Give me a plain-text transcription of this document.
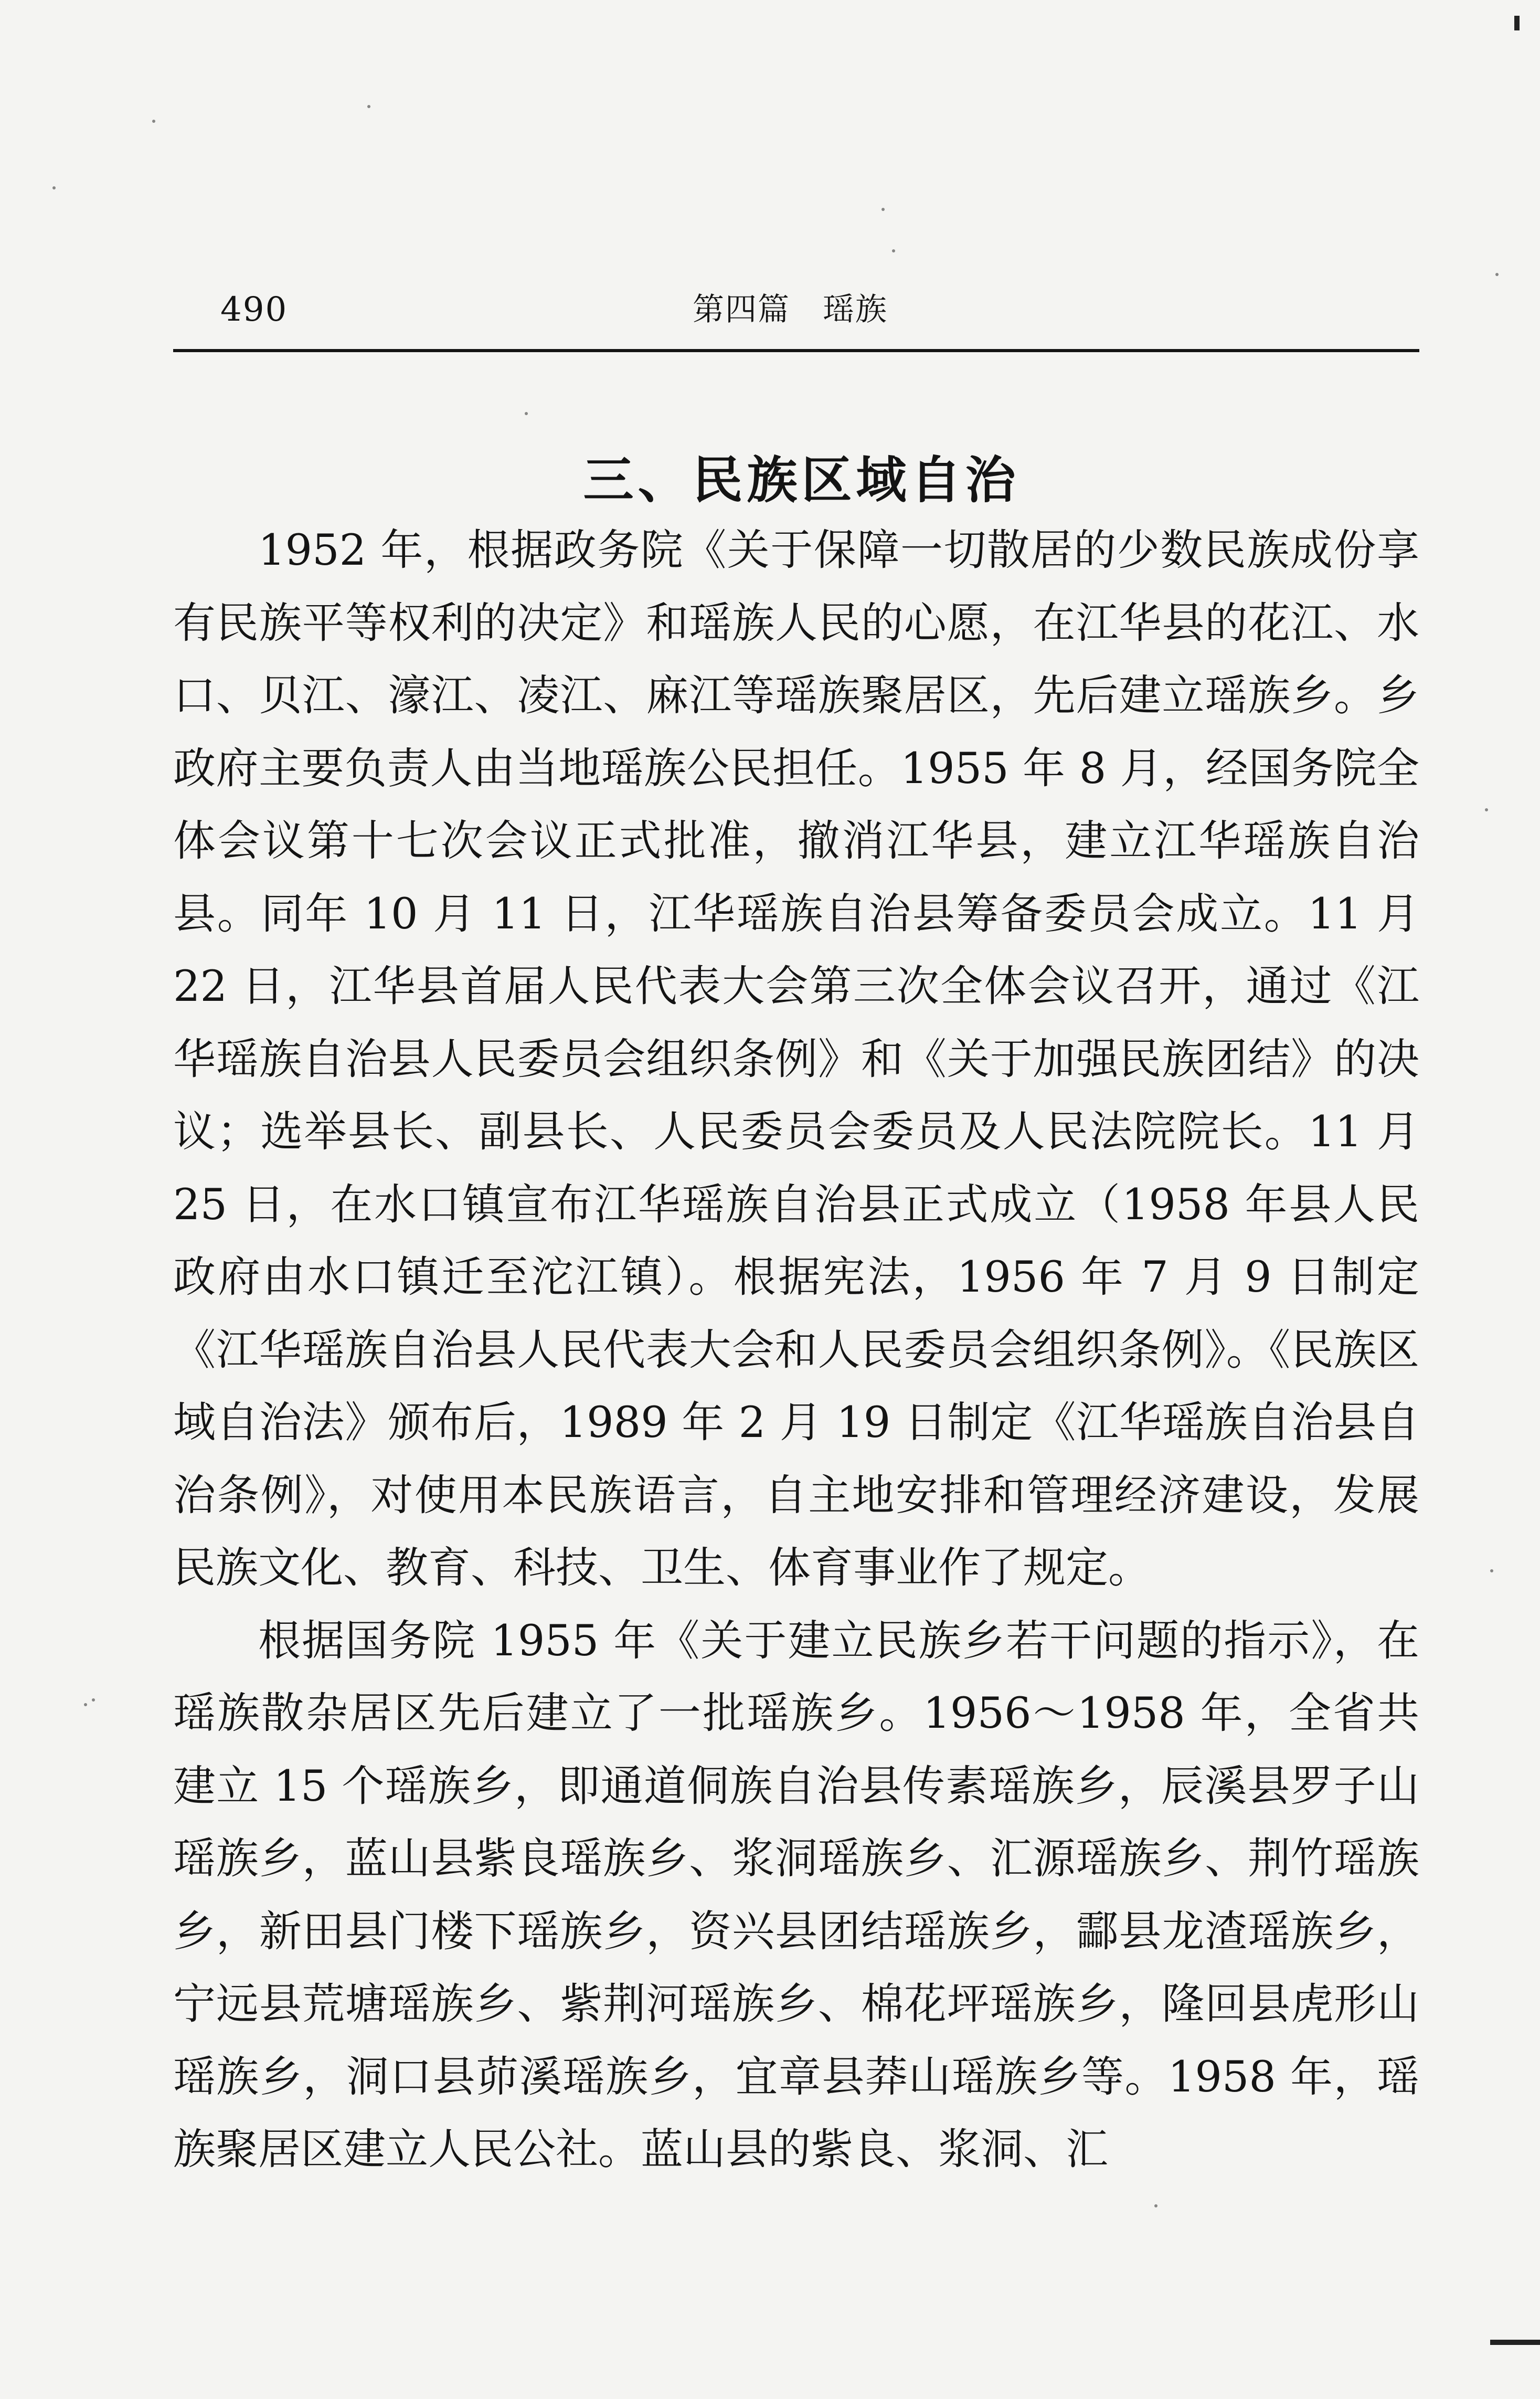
490	第四篇　瑶族
三、民族区域自治

1952 年，根据政务院《关于保障一切散居的少数民族成份享有民族平等权利的决定》和瑶族人民的心愿，在江华县的花江、水口、贝江、濠江、凌江、麻江等瑶族聚居区，先后建立瑶族乡。乡政府主要负责人由当地瑶族公民担任。1955 年 8 月，经国务院全体会议第十七次会议正式批准，撤消江华县，建立江华瑶族自治县。同年 10 月 11 日，江华瑶族自治县筹备委员会成立。11 月 22 日，江华县首届人民代表大会第三次全体会议召开，通过《江华瑶族自治县人民委员会组织条例》和《关于加强民族团结》的决议；选举县长、副县长、人民委员会委员及人民法院院长。11 月 25 日，在水口镇宣布江华瑶族自治县正式成立（1958 年县人民政府由水口镇迁至沱江镇）。根据宪法，1956 年 7 月 9 日制定《江华瑶族自治县人民代表大会和人民委员会组织条例》。《民族区域自治法》颁布后，1989 年 2 月 19 日制定《江华瑶族自治县自治条例》，对使用本民族语言，自主地安排和管理经济建设，发展民族文化、教育、科技、卫生、体育事业作了规定。

根据国务院 1955 年《关于建立民族乡若干问题的指示》，在瑶族散杂居区先后建立了一批瑶族乡。1956～1958 年，全省共建立 15 个瑶族乡，即通道侗族自治县传素瑶族乡，辰溪县罗子山瑶族乡，蓝山县紫良瑶族乡、浆洞瑶族乡、汇源瑶族乡、荆竹瑶族乡，新田县门楼下瑶族乡，资兴县团结瑶族乡，酃县龙渣瑶族乡，宁远县荒塘瑶族乡、紫荆河瑶族乡、棉花坪瑶族乡，隆回县虎形山瑶族乡，洞口县茆溪瑶族乡，宜章县莽山瑶族乡等。1958 年，瑶族聚居区建立人民公社。蓝山县的紫良、浆洞、汇
